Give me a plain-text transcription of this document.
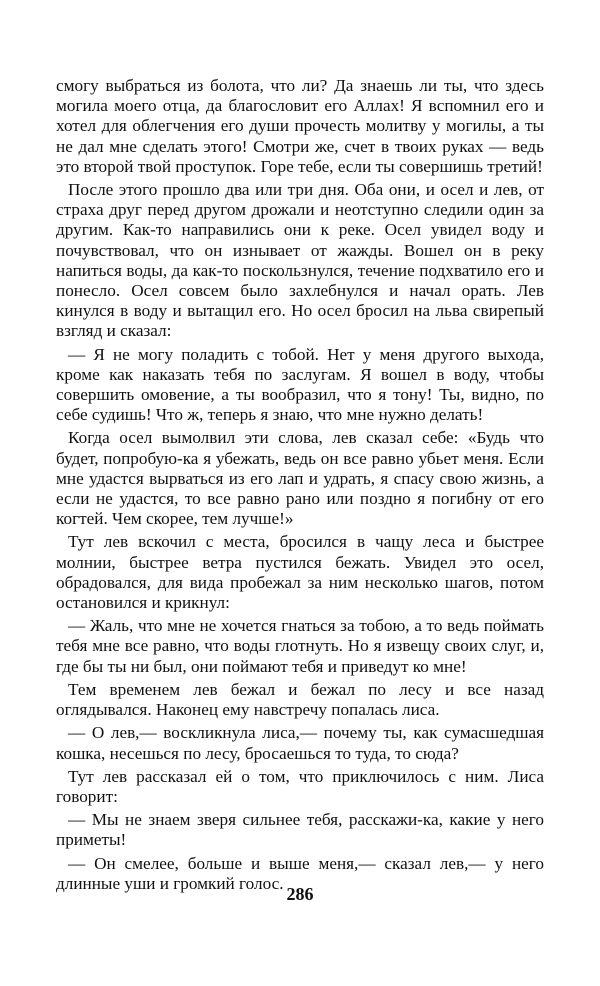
смогу выбраться из болота, что ли? Да знаешь ли ты, что здесь могила моего отца, да благословит его Аллах! Я вспомнил его и хотел для облегчения его души прочесть молитву у могилы, а ты не дал мне сделать этого! Смотри же, счет в твоих руках — ведь это второй твой проступок. Горе тебе, если ты совершишь третий!

После этого прошло два или три дня. Оба они, и осел и лев, от страха друг перед другом дрожали и неотступно следили один за другим. Как-то направились они к реке. Осел увидел воду и почувствовал, что он изнывает от жажды. Вошел он в реку напиться воды, да как-то поскользнулся, течение подхватило его и понесло. Осел совсем было захлебнулся и начал орать. Лев кинулся в воду и вытащил его. Но осел бросил на льва свирепый взгляд и сказал:

— Я не могу поладить с тобой. Нет у меня другого выхода, кроме как наказать тебя по заслугам. Я вошел в воду, чтобы совершить омовение, а ты вообразил, что я тону! Ты, видно, по себе судишь! Что ж, теперь я знаю, что мне нужно делать!

Когда осел вымолвил эти слова, лев сказал себе: «Будь что будет, попробую-ка я убежать, ведь он все равно убьет меня. Если мне удастся вырваться из его лап и удрать, я спасу свою жизнь, а если не удастся, то все равно рано или поздно я погибну от его когтей. Чем скорее, тем лучше!»

Тут лев вскочил с места, бросился в чащу леса и быстрее молнии, быстрее ветра пустился бежать. Увидел это осел, обрадовался, для вида пробежал за ним несколько шагов, потом остановился и крикнул:

— Жаль, что мне не хочется гнаться за тобою, а то ведь поймать тебя мне все равно, что воды глотнуть. Но я извещу своих слуг, и, где бы ты ни был, они поймают тебя и приведут ко мне!

Тем временем лев бежал и бежал по лесу и все назад оглядывался. Наконец ему навстречу попалась лиса.

— О лев,— воскликнула лиса,— почему ты, как сумасшедшая кошка, несешься по лесу, бросаешься то туда, то сюда?

Тут лев рассказал ей о том, что приключилось с ним. Лиса говорит:

— Мы не знаем зверя сильнее тебя, расскажи-ка, какие у него приметы!

— Он смелее, больше и выше меня,— сказал лев,— у него длинные уши и громкий голос.

286
